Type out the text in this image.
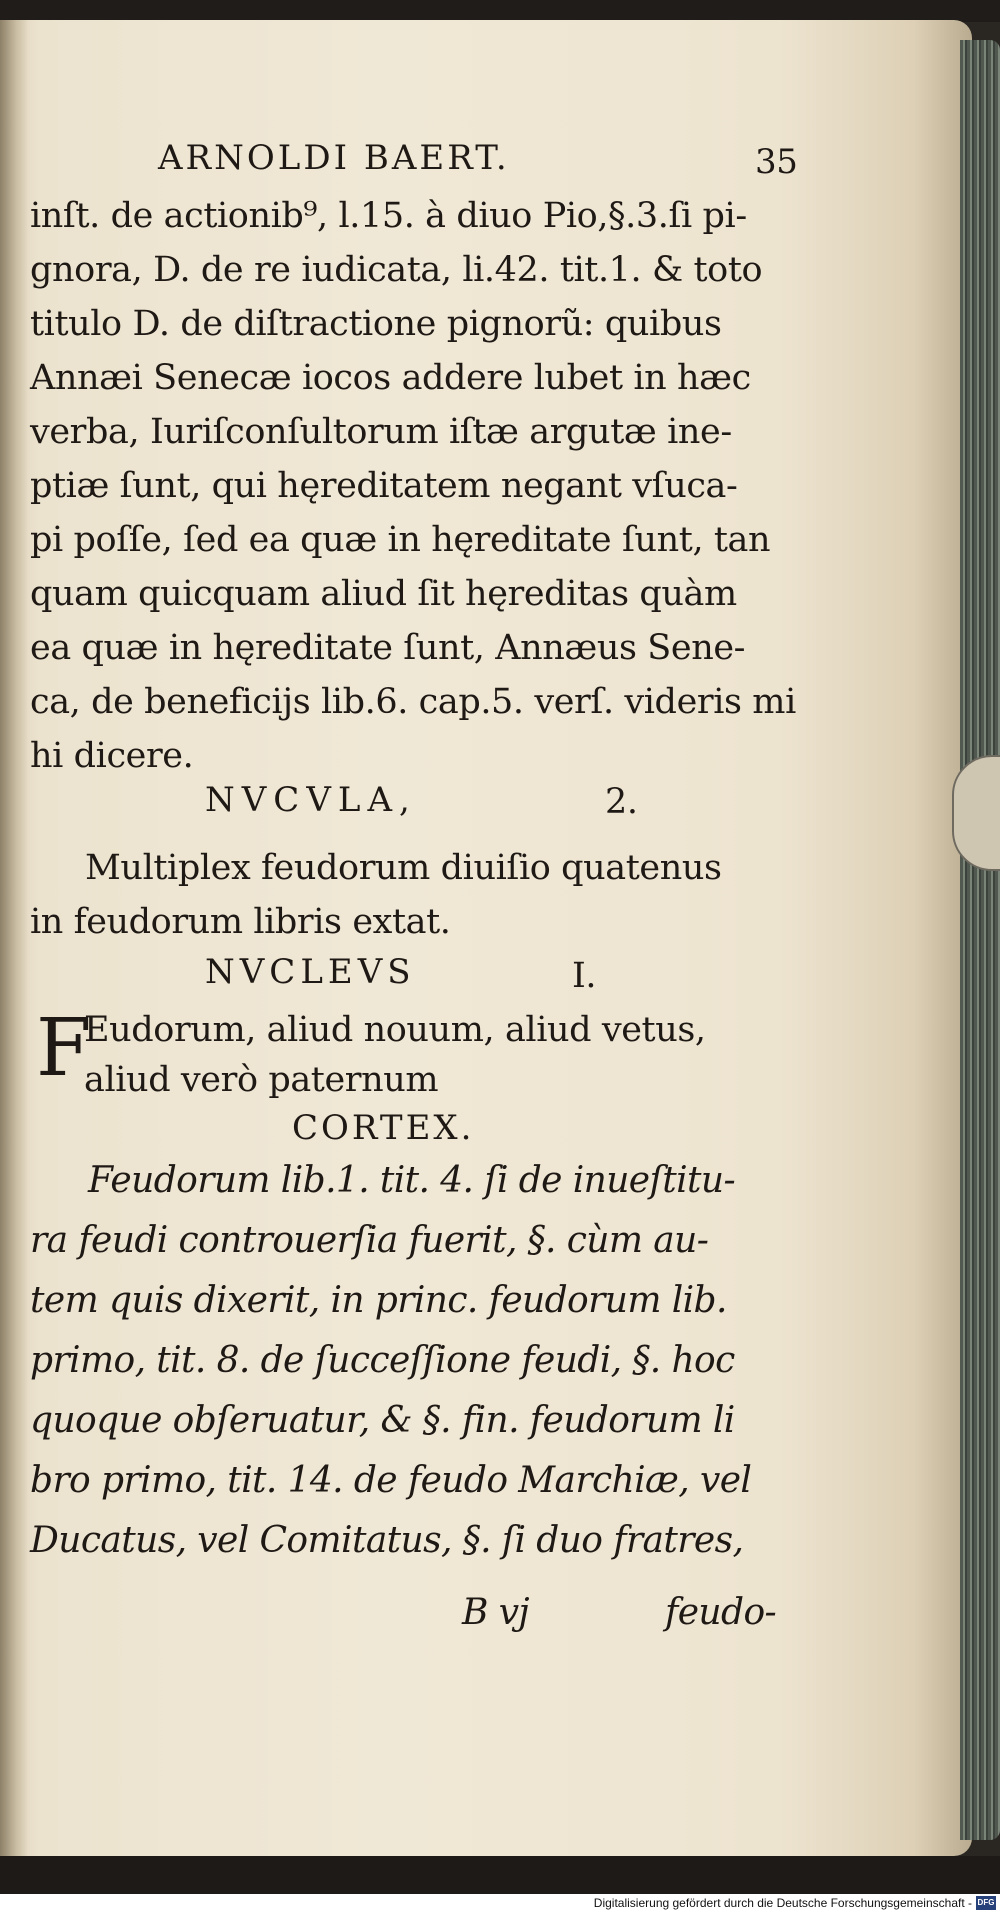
ARNOLDI BAERT.	35
inſt. de actionib⁹, l.15. à diuo Pio,§.3.ſi pi-
gnora, D. de re iudicata, li.42. tit.1. & toto
titulo D. de diſtractione pignorũ: quibus
Annæi Senecæ iocos addere lubet in hæc
verba, Iuriſconſultorum iſtæ argutæ ine-
ptiæ ſunt, qui hęreditatem negant vſuca-
pi poſſe, ſed ea quæ in hęreditate ſunt, tan
quam quicquam aliud ſit hęreditas quàm
ea quæ in hęreditate ſunt, Annæus Sene-
ca, de beneficijs lib.6. cap.5. verſ. videris mi
hi dicere.
NVCVLA,	2.
Multiplex feudorum diuiſio quatenus
in feudorum libris extat.
NVCLEVS	I.
F
Eudorum, aliud nouum, aliud vetus,
aliud verò paternum
CORTEX.
Feudorum lib.1. tit. 4. ſi de inueſtitu-
ra feudi controuerſia fuerit, §. cùm au-
tem quis dixerit, in princ. feudorum lib.
primo, tit. 8. de ſucceſſione feudi, §. hoc
quoque obſeruatur, & §. fin. feudorum li
bro primo, tit. 14. de feudo Marchiæ, vel
Ducatus, vel Comitatus, §. ſi duo fratres,
B vj	feudo-
Digitalisierung gefördert durch die Deutsche Forschungsgemeinschaft - DFG
